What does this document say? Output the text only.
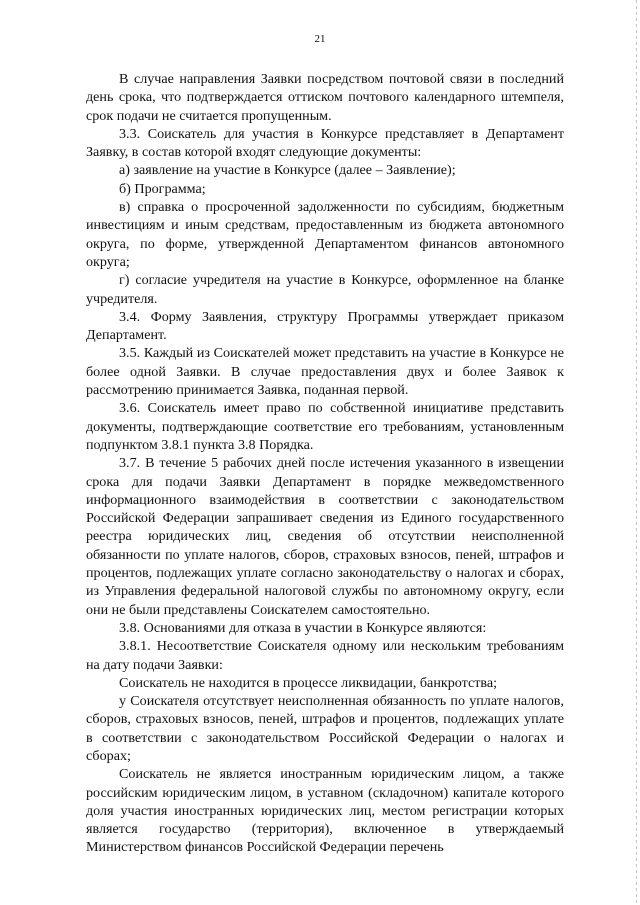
21

В случае направления Заявки посредством почтовой связи в последний день срока, что подтверждается оттиском почтового календарного штемпеля, срок подачи не считается пропущенным.

3.3. Соискатель для участия в Конкурсе представляет в Департамент Заявку, в состав которой входят следующие документы:

а) заявление на участие в Конкурсе (далее – Заявление);

б) Программа;

в) справка о просроченной задолженности по субсидиям, бюджетным инвестициям и иным средствам, предоставленным из бюджета автономного округа, по форме, утвержденной Департаментом финансов автономного округа;

г) согласие учредителя на участие в Конкурсе, оформленное на бланке учредителя.

3.4. Форму Заявления, структуру Программы утверждает приказом Департамент.

3.5. Каждый из Соискателей может представить на участие в Конкурсе не более одной Заявки. В случае предоставления двух и более Заявок к рассмотрению принимается Заявка, поданная первой.

3.6. Соискатель имеет право по собственной инициативе представить документы, подтверждающие соответствие его требованиям, установленным подпунктом 3.8.1 пункта 3.8 Порядка.

3.7. В течение 5 рабочих дней после истечения указанного в извещении срока для подачи Заявки Департамент в порядке межведомственного информационного взаимодействия в соответствии с законодательством Российской Федерации запрашивает сведения из Единого государственного реестра юридических лиц, сведения об отсутствии неисполненной обязанности по уплате налогов, сборов, страховых взносов, пеней, штрафов и процентов, подлежащих уплате согласно законодательству о налогах и сборах, из Управления федеральной налоговой службы по автономному округу, если они не были представлены Соискателем самостоятельно.

3.8. Основаниями для отказа в участии в Конкурсе являются:

3.8.1. Несоответствие Соискателя одному или нескольким требованиям на дату подачи Заявки:

Соискатель не находится в процессе ликвидации, банкротства;

у Соискателя отсутствует неисполненная обязанность по уплате налогов, сборов, страховых взносов, пеней, штрафов и процентов, подлежащих уплате в соответствии с законодательством Российской Федерации о налогах и сборах;

Соискатель не является иностранным юридическим лицом, а также российским юридическим лицом, в уставном (складочном) капитале которого доля участия иностранных юридических лиц, местом регистрации которых является государство (территория), включенное в утверждаемый Министерством финансов Российской Федерации перечень
